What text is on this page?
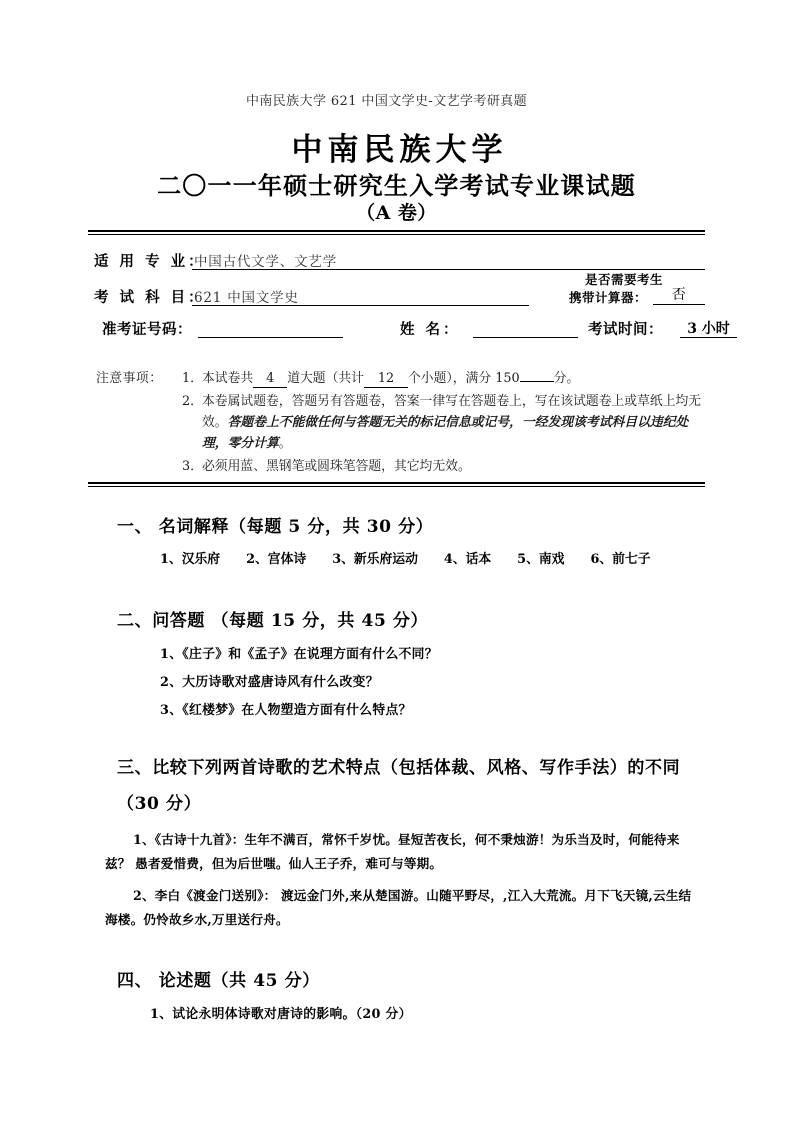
中南民族大学 621 中国文学史-文艺学考研真题
中南民族大学
二〇一一年硕士研究生入学考试专业课试题
（A 卷）
适 用 专 业：
中国古代文学、文艺学
考 试 科 目：
621 中国文学史
是否需要考生
携带计算器：	否
准考证号码：	姓 名：	考试时间：	3 小时
注意事项： 1． 本试卷共 4 道大题（共计 12 个小题），满分 150	分。
2． 本卷属试题卷，答题另有答题卷，答案一律写在答题卷上，写在该试题卷上或草纸上均无效。答题卷上不能做任何与答题无关的标记信息或记号，一经发现该考试科目以违纪处理，零分计算。
3． 必须用蓝、黑钢笔或圆珠笔答题，其它均无效。
一、 名词解释（每题 5 分，共 30 分）
1、汉乐府 2、宫体诗 3、新乐府运动 4、话本 5、南戏 6、前七子
二、问答题 （每题 15 分，共 45 分）
1、《庄子》和《孟子》在说理方面有什么不同？
2、大历诗歌对盛唐诗风有什么改变？
3、《红楼梦》在人物塑造方面有什么特点？
三、比较下列两首诗歌的艺术特点（包括体裁、风格、写作手法）的不同（30 分）
1、《古诗十九首》：生年不满百，常怀千岁忧。昼短苦夜长，何不秉烛游！为乐当及时，何能待来兹？ 愚者爱惜费，但为后世嗤。仙人王子乔，难可与等期。
2、李白《渡金门送别》： 渡远金门外,来从楚国游。山随平野尽，,江入大荒流。月下飞天镜,云生结海楼。仍怜故乡水,万里送行舟。
四、 论述题（共 45 分）
1、试论永明体诗歌对唐诗的影响。（20 分）
